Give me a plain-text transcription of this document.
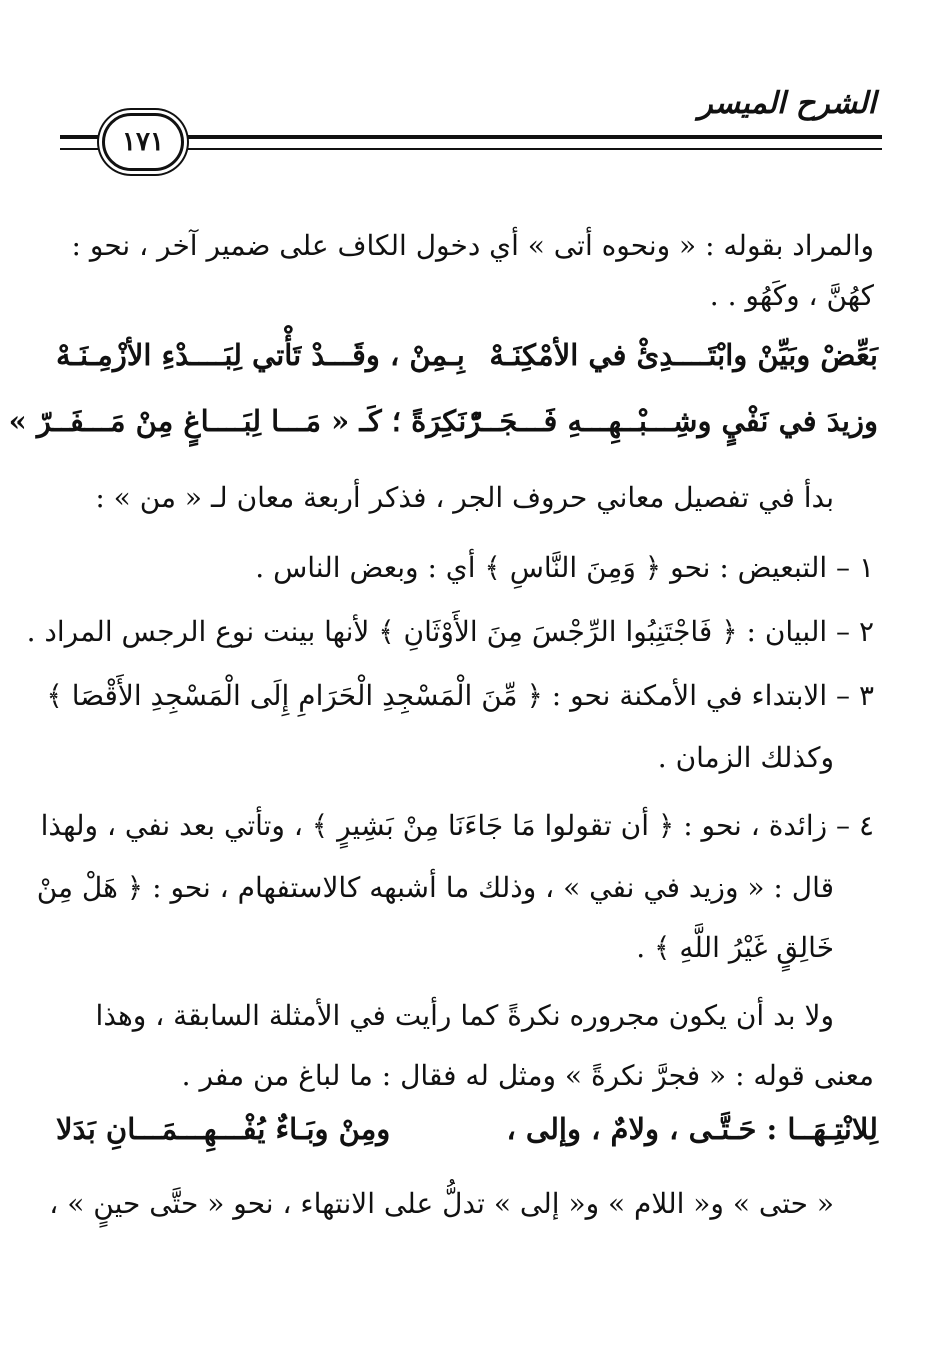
الشرح الميسر
١٧١
والمراد بقوله : « ونحوه أتى » أي دخول الكاف على ضمير آخر ، نحو :
كهُنَّ ، وكَهُو . .
بَعِّضْ وبَيِّنْ وابْتَــــدِئْ في الأمْكِنَـهْ
بِـمِنْ ، وقَـــدْ تَأْتي لِبَــــدْءِ الأزْمِـنَـهْ
وزيدَ في نَفْيٍ وشِـــبْــهِـــهِ فَـــجَــرّْ
نَكِرَةً ؛ كَـ « مَـــا لِبَــــاغٍ مِنْ مَـــفَــرّ »
بدأ في تفصيل معاني حروف الجر ، فذكر أربعة معان لـ « من » :
١ – التبعيض : نحو ﴿ وَمِنَ النَّاسِ ﴾ أي : وبعض الناس .
٢ – البيان : ﴿ فَاجْتَنِبُوا الرِّجْسَ مِنَ الأَوْثَانِ ﴾ لأنها بينت نوع الرجس المراد .
٣ – الابتداء في الأمكنة نحو : ﴿ مِّنَ الْمَسْجِدِ الْحَرَامِ إِلَى الْمَسْجِدِ الأَقْصَا ﴾
وكذلك الزمان .
٤ – زائدة ، نحو : ﴿ أن تقولوا مَا جَاءَنَا مِنْ بَشِيرٍ ﴾ ، وتأتي بعد نفي ، ولهذا
قال : « وزيد في نفي » ، وذلك ما أشبهه كالاستفهام ، نحو : ﴿ هَلْ مِنْ
خَالِقٍ غَيْرُ اللَّهِ ﴾ .
ولا بد أن يكون مجروره نكرةً كما رأيت في الأمثلة السابقة ، وهذا
معنى قوله : « فجرَّ نكرةً » ومثل له فقال : ما لباغ من مفر .
لِلانْتِـهَــا : حَـتَّـى ، ولامٌ ، وإلى ،
ومِنْ وبَـاءٌ يُفْـــهِـــمَـــانِ بَدَلا
« حتى » و« اللام » و« إلى » تدلُّ على الانتهاء ، نحو « حتَّى حينٍ » ،
